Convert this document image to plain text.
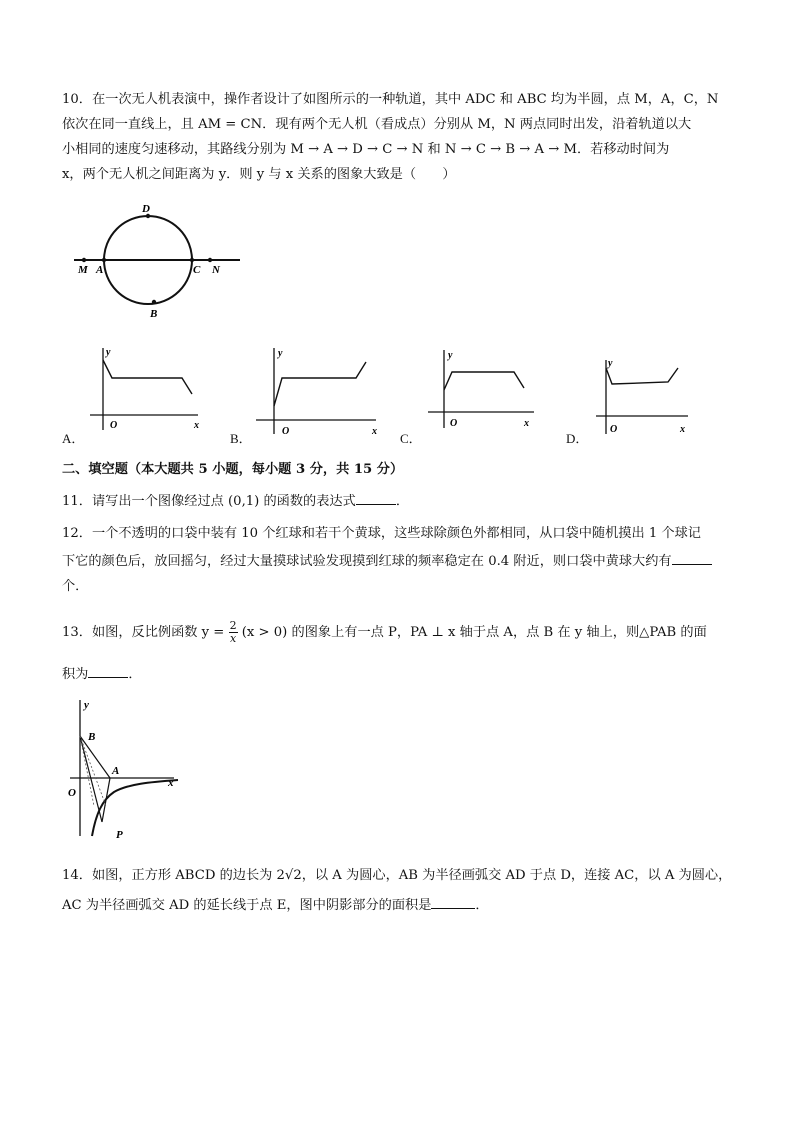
10．在一次无人机表演中，操作者设计了如图所示的一种轨道，其中 ADC 和 ABC 均为半圆，点 M，A，C，N
依次在同一直线上，且 AM = CN．现有两个无人机（看成点）分别从 M，N 两点同时出发，沿着轨道以大
小相同的速度匀速移动，其路线分别为 M → A → D → C → N 和 N → C → B → A → M．若移动时间为
x，两个无人机之间距离为 y．则 y 与 x 关系的图象大致是（　　）
D
M A	C N
B
y
x
O
A．
y
x
O
B．
y
x
O
C．
y
x
O
D．
二、填空题（本大题共 5 小题，每小题 3 分，共 15 分）
11．请写出一个图像经过点 (0,1) 的函数的表达式	．
12．一个不透明的口袋中装有 10 个红球和若干个黄球，这些球除颜色外都相同，从口袋中随机摸出 1 个球记
下它的颜色后，放回摇匀，经过大量摸球试验发现摸到红球的频率稳定在 0.4 附近，则口袋中黄球大约有
个．
13．如图，反比例函数 $y = \frac{2}{x} (x > 0)$ 的图象上有一点 P，PA ⊥ x 轴于点 A，点 B 在 y 轴上，则△PAB 的面
积为	．
y
B
A
x
O
P
14．如图，正方形 ABCD 的边长为 2√2，以 A 为圆心，AB 为半径画弧交 AD 于点 D，连接 AC，以 A 为圆心，
AC 为半径画弧交 AD 的延长线于点 E，图中阴影部分的面积是	．
